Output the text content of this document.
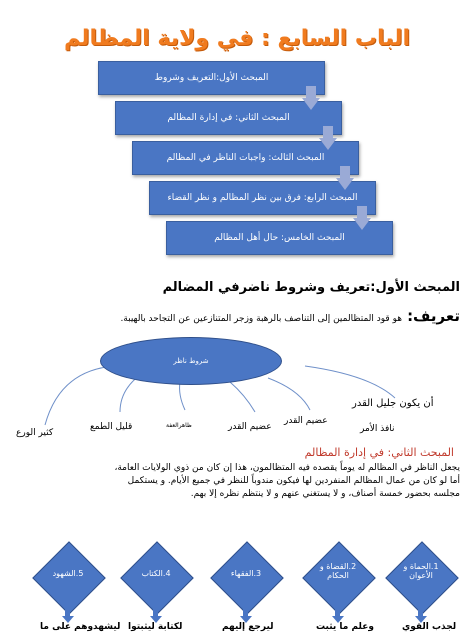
الباب السابع : في ولاية المظالم
المبحث الأول:التعريف وشروط
المبحث الثاني: في إدارة المظالم
المبحث الثالث: واجبات الناظر في المظالم
المبحث الرابع: فرق بين نظر المظالم و نظر القضاء
المبحث الخامس: حال أهل المظالم
المبحث الأول:تعريف وشروط ناضرفي المضالم
تعريف: هو قود المتظالمين إلى التناصف بالرهبة وزجر المتنازعين عن التجاحد بالهيبة.
شروط ناظر
أن يكون جليل القدر
نافذ الأمر
عضيم القدر
عضيم القدر
ظاهرالعفة
قليل الطمع
كثير الورع
المبحث الثاني: في إدارة المظالم
يجعل الناظر في المظالم له يوماً يقصده فيه المتظالمون، هذا إن كان من ذوي الولايات العامة،
أما لو كان من عمال المظالم المنفردين لها فيكون مندوباً للنظر في جميع الأيام. و يستكمل
مجلسه بحضور خمسة أصناف، و لا يستغني عنهم و لا ينتظم نظره إلا بهم.
1.الحماة و الأعوان
2.القضاة و الحكام
3.الفقهاء
4.الكتاب
5.الشهود
لجذب القوي
وعلم ما يثبت
ليرجع إليهم
لكتابة ليثبتوا
ليشهدوهم على ما
